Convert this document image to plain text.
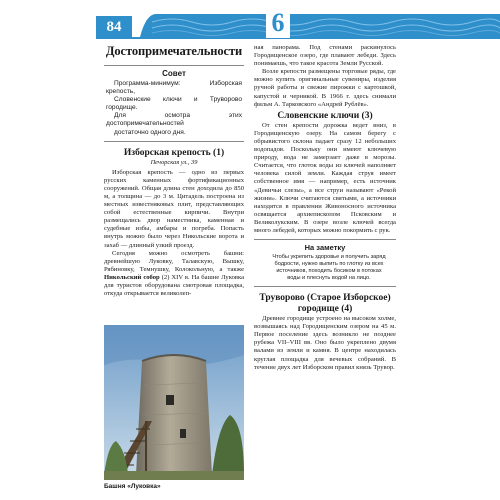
84	6
Достопримечательности
Совет

Программа-минимум: Изборская крепость,

Словенские ключи и Труворово городище.

Для осмотра этих достопримечательностей

достаточно одного дня.

Изборская крепость (1)
Печорская ул., 39

Изборская крепость — одно из первых русских каменных фортификационных сооружений. Общая длина стен доходила до 850 м, а толщина — до 3 м. Цитадель построена из местных известняковых плит, представляющих собой естественные кирпичи. Внутри размещались двор наместника, каменная и судебные избы, амбары и погреба. Попасть внутрь можно было через Никольские ворота и захаб — длинный узкий проезд.

Сегодня можно осмотреть башни: древнейшую Луковку, Талавскую, Вышку, Рябиновку, Темнушку, Колокольную, а также Никольский собор (2) XIV в. На башне Луковка для туристов оборудована смотровая площадка, откуда открывается великолеп-

Башня «Луковка»

ная панорама. Под стенами раскинулось Городищенское озеро, где плавают лебеди. Здесь понимаешь, что такое красота Земли Русской.

Возле крепости размещены торговые ряды, где можно купить оригинальные сувениры, изделия ручной работы и свежие пирожки с картошкой, капустой и черникой. В 1966 г. здесь снимали фильм А. Тарковского «Андрей Рублёв».

Словенские ключи (3)

От стен крепости дорожка ведет вниз, в Городищенскую озеру. На самом берегу с обрывистого склона падает сразу 12 небольших водопадов. Поскольку они имеют ключевую природу, вода не замерзает даже в морозы. Считается, что глоток воды из ключей наполняет человека силой земли. Каждая струя имеет собственное имя — например, есть источник «Девичьи слезы», а все струи называют «Рекой жизни». Ключи считаются святыми, а источники находятся в правлении Живоносного источника освящается архиепископом Псковским и Великолукским. В озере возле ключей всегда много лебедей, которых можно покормить с рук.

На заметку

Чтобы укрепить здоровье и получить заряд

бодрости, нужно выпить по глотку из всех

источников, походить босиком в потоках

воды и плеснуть водой на лицо.

Труворово (Старое Изборское) городище (4)

Древнее городище устроено на высоком холме, возвышаясь над Городищенским озером на 45 м. Первое поселение здесь возникло не позднее рубежа VII–VIII вв. Оно было укреплено двумя валами из земли и камня. В центре находилась круглая площадка для вечевых собраний. В течение двух лет Изборском правил князь Трувор.
